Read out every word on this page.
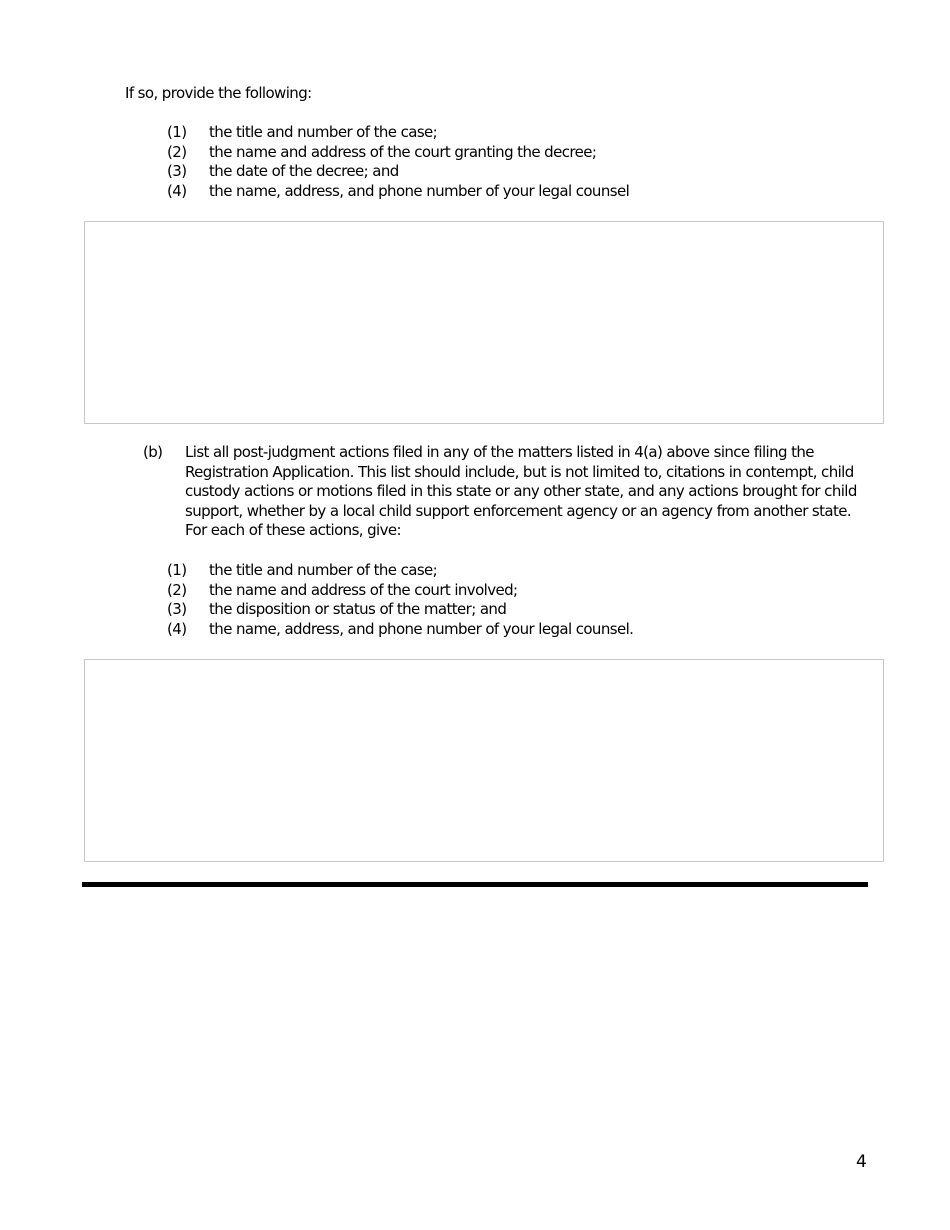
If so, provide the following:
(1)	the title and number of the case;
(2)	the name and address of the court granting the decree;
(3)	the date of the decree; and
(4)	the name, address, and phone number of your legal counsel
(b)	List all post-judgment actions filed in any of the matters listed in 4(a) above since filing the Registration Application. This list should include, but is not limited to, citations in contempt, child custody actions or motions filed in this state or any other state, and any actions brought for child support, whether by a local child support enforcement agency or an agency from another state. For each of these actions, give:
(1)	the title and number of the case;
(2)	the name and address of the court involved;
(3)	the disposition or status of the matter; and
(4)	the name, address, and phone number of your legal counsel.
4
